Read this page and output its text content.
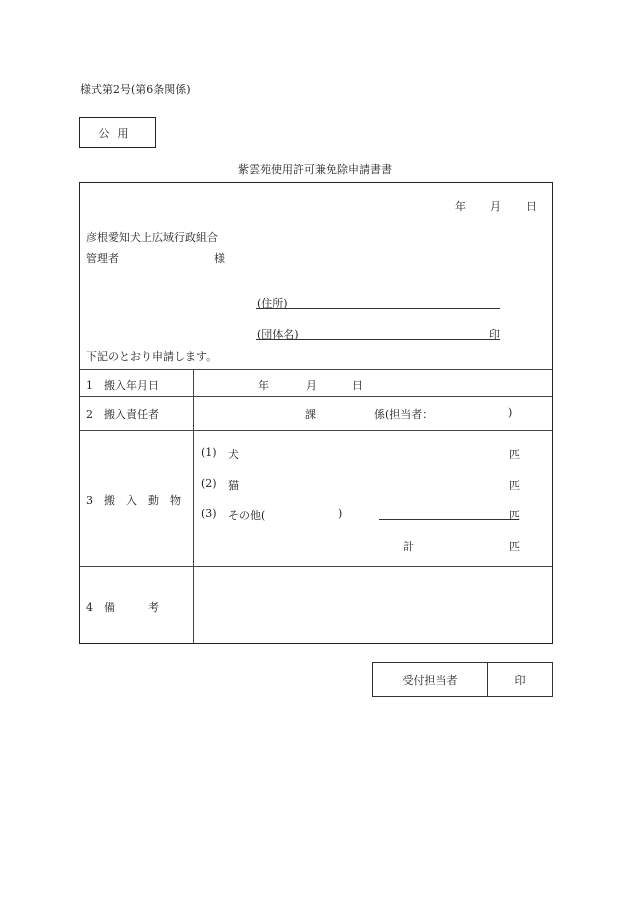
様式第2号(第6条関係)
公用
紫雲苑使用許可兼免除申請書書
年 月 日
彦根愛知犬上広域行政組合
管理者	様
(住所)
(団体名)	印
下記のとおり申請します。
1　搬入年月日	年	月	日
2　搬入責任者	課	係(担当者：	)
3　搬　入　動　物
(1) 犬	匹
(2) 猫	匹
(3) その他(	)	匹
計	匹
4　備　　　考
受付担当者	印
